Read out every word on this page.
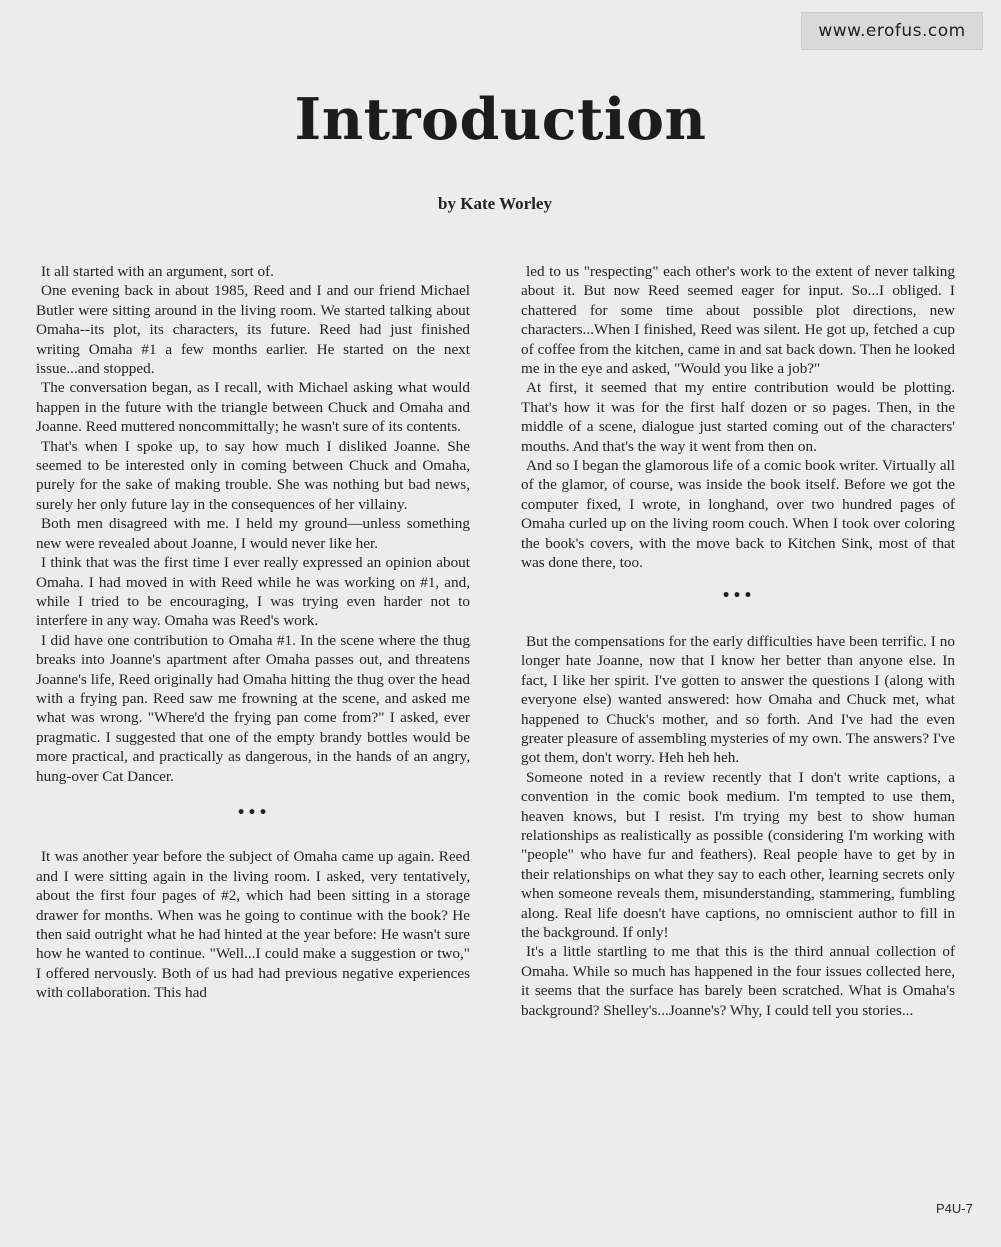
www.erofus.com
Introduction
by Kate Worley

It all started with an argument, sort of.

One evening back in about 1985, Reed and I and our friend Michael Butler were sitting around in the living room. We started talking about Omaha--its plot, its characters, its future. Reed had just finished writing Omaha #1 a few months earlier. He started on the next issue...and stopped.

The conversation began, as I recall, with Michael asking what would happen in the future with the triangle between Chuck and Omaha and Joanne. Reed muttered noncommittally; he wasn't sure of its contents.

That's when I spoke up, to say how much I disliked Joanne. She seemed to be interested only in coming between Chuck and Omaha, purely for the sake of making trouble. She was nothing but bad news, surely her only future lay in the consequences of her villainy.

Both men disagreed with me. I held my ground—unless something new were revealed about Joanne, I would never like her.

I think that was the first time I ever really expressed an opinion about Omaha. I had moved in with Reed while he was working on #1, and, while I tried to be encouraging, I was trying even harder not to interfere in any way. Omaha was Reed's work.

I did have one contribution to Omaha #1. In the scene where the thug breaks into Joanne's apartment after Omaha passes out, and threatens Joanne's life, Reed originally had Omaha hitting the thug over the head with a frying pan. Reed saw me frowning at the scene, and asked me what was wrong. "Where'd the frying pan come from?" I asked, ever pragmatic. I suggested that one of the empty brandy bottles would be more practical, and practically as dangerous, in the hands of an angry, hung-over Cat Dancer.

•••

It was another year before the subject of Omaha came up again. Reed and I were sitting again in the living room. I asked, very tentatively, about the first four pages of #2, which had been sitting in a storage drawer for months. When was he going to continue with the book? He then said outright what he had hinted at the year before: He wasn't sure how he wanted to continue. "Well...I could make a suggestion or two," I offered nervously. Both of us had had previous negative experiences with collaboration. This had

led to us "respecting" each other's work to the extent of never talking about it. But now Reed seemed eager for input. So...I obliged. I chattered for some time about possible plot directions, new characters...When I finished, Reed was silent. He got up, fetched a cup of coffee from the kitchen, came in and sat back down. Then he looked me in the eye and asked, "Would you like a job?"

At first, it seemed that my entire contribution would be plotting. That's how it was for the first half dozen or so pages. Then, in the middle of a scene, dialogue just started coming out of the characters' mouths. And that's the way it went from then on.

And so I began the glamorous life of a comic book writer. Virtually all of the glamor, of course, was inside the book itself. Before we got the computer fixed, I wrote, in longhand, over two hundred pages of Omaha curled up on the living room couch. When I took over coloring the book's covers, with the move back to Kitchen Sink, most of that was done there, too.

•••

But the compensations for the early difficulties have been terrific. I no longer hate Joanne, now that I know her better than anyone else. In fact, I like her spirit. I've gotten to answer the questions I (along with everyone else) wanted answered: how Omaha and Chuck met, what happened to Chuck's mother, and so forth. And I've had the even greater pleasure of assembling mysteries of my own. The answers? I've got them, don't worry. Heh heh heh.

Someone noted in a review recently that I don't write captions, a convention in the comic book medium. I'm tempted to use them, heaven knows, but I resist. I'm trying my best to show human relationships as realistically as possible (considering I'm working with "people" who have fur and feathers). Real people have to get by in their relationships on what they say to each other, learning secrets only when someone reveals them, misunderstanding, stammering, fumbling along. Real life doesn't have captions, no omniscient author to fill in the background. If only!

It's a little startling to me that this is the third annual collection of Omaha. While so much has happened in the four issues collected here, it seems that the surface has barely been scratched. What is Omaha's background? Shelley's...Joanne's? Why, I could tell you stories...

P4U-7
